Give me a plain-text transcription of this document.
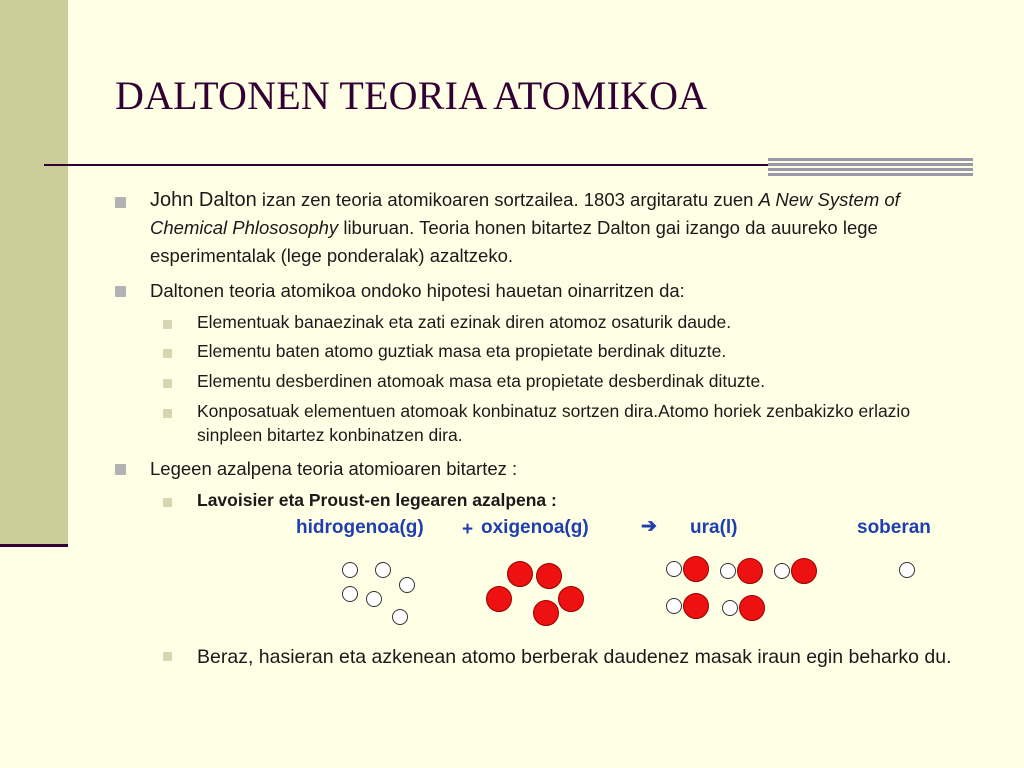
DALTONEN TEORIA ATOMIKOA
John Dalton izan zen teoria atomikoaren sortzailea. 1803 argitaratu zuen A New System of Chemical Phlososophy liburuan. Teoria honen bitartez Dalton gai izango da auureko lege esperimentalak (lege ponderalak) azaltzeko.
Daltonen teoria atomikoa ondoko hipotesi hauetan oinarritzen da:
Elementuak banaezinak eta zati ezinak diren atomoz osaturik daude.
Elementu baten atomo guztiak masa eta propietate berdinak dituzte.
Elementu desberdinen atomoak masa eta propietate desberdinak dituzte.
Konposatuak elementuen atomoak konbinatuz sortzen dira.Atomo horiek zenbakizko erlazio sinpleen bitartez konbinatzen dira.
Legeen azalpena teoria atomioaren bitartez :
Lavoisier eta Proust-en legearen azalpena :
hidrogenoa(g) + oxigenoa(g)	➔ ura(l)	soberan
Beraz, hasieran eta azkenean atomo berberak daudenez masak iraun egin beharko du.
